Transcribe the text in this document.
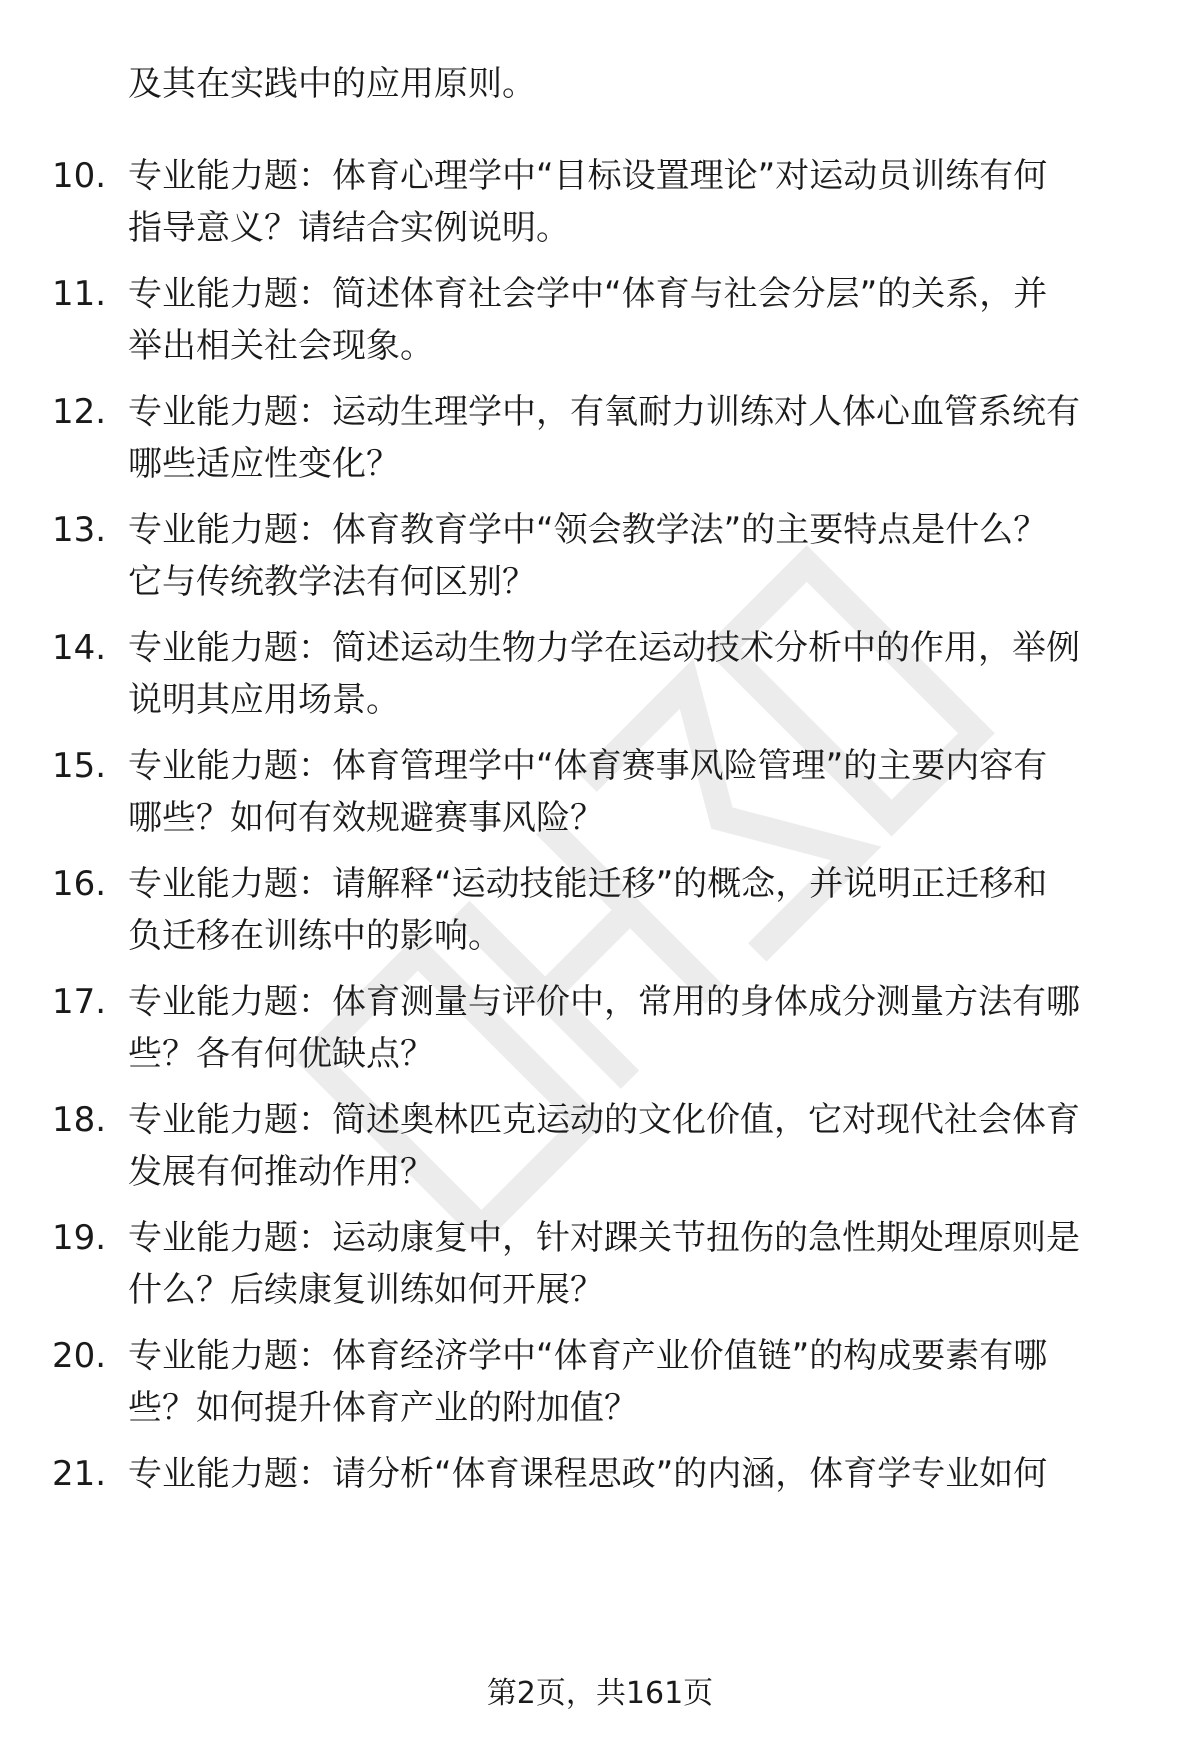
及其在实践中的应用原则。
10. 专业能力题：体育心理学中“目标设置理论”对运动员训练有何
指导意义？请结合实例说明。
11. 专业能力题：简述体育社会学中“体育与社会分层”的关系，并
举出相关社会现象。
12. 专业能力题：运动生理学中，有氧耐力训练对人体心血管系统有
哪些适应性变化？
13. 专业能力题：体育教育学中“领会教学法”的主要特点是什么？
它与传统教学法有何区别？
14. 专业能力题：简述运动生物力学在运动技术分析中的作用，举例
说明其应用场景。
15. 专业能力题：体育管理学中“体育赛事风险管理”的主要内容有
哪些？如何有效规避赛事风险？
16. 专业能力题：请解释“运动技能迁移”的概念，并说明正迁移和
负迁移在训练中的影响。
17. 专业能力题：体育测量与评价中，常用的身体成分测量方法有哪
些？各有何优缺点？
18. 专业能力题：简述奥林匹克运动的文化价值，它对现代社会体育
发展有何推动作用？
19. 专业能力题：运动康复中，针对踝关节扭伤的急性期处理原则是
什么？后续康复训练如何开展？
20. 专业能力题：体育经济学中“体育产业价值链”的构成要素有哪
些？如何提升体育产业的附加值？
21. 专业能力题：请分析“体育课程思政”的内涵，体育学专业如何
第2页，共161页
